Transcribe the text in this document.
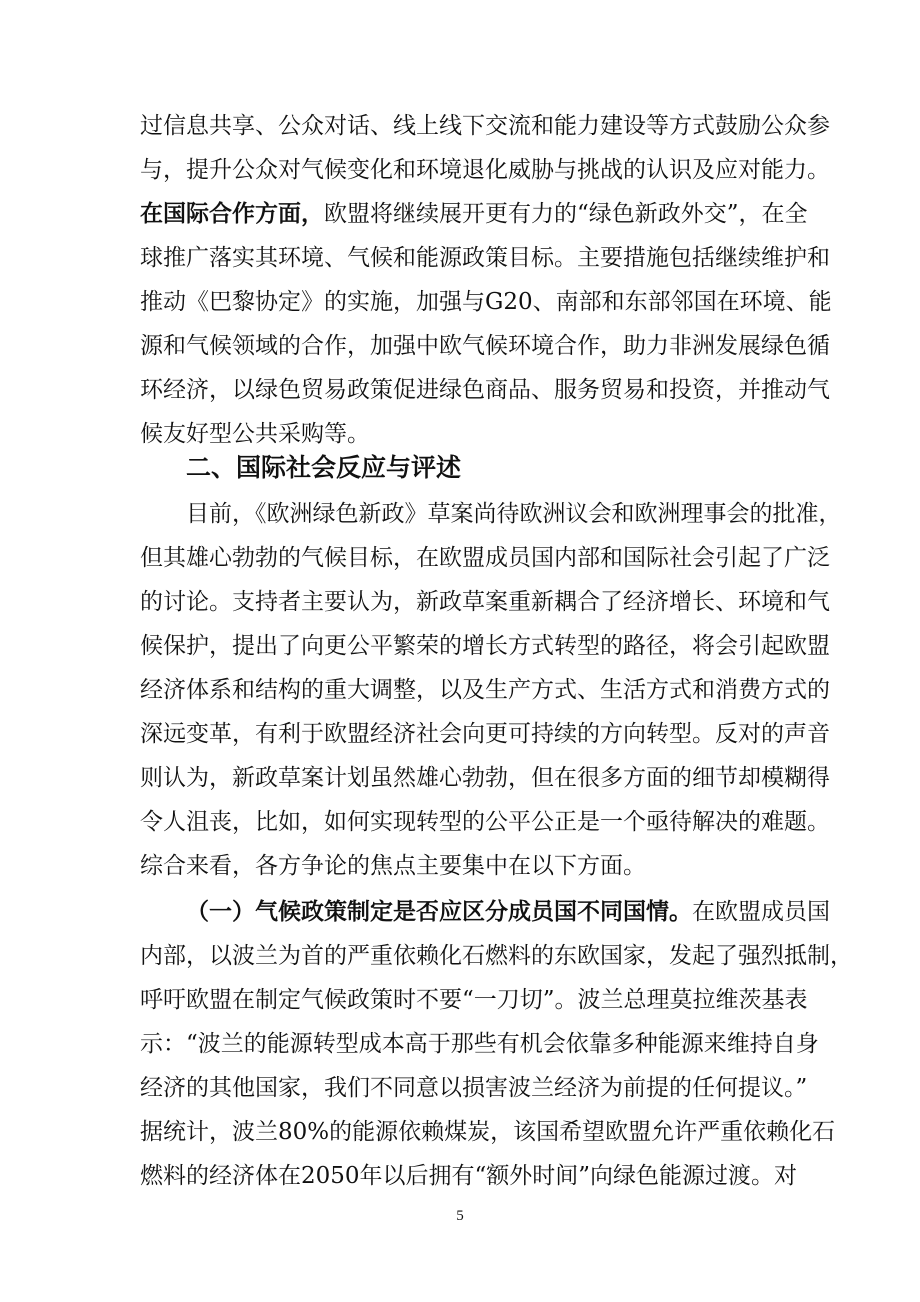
过信息共享、公众对话、线上线下交流和能力建设等方式鼓励公众参
与，提升公众对气候变化和环境退化威胁与挑战的认识及应对能力。
在国际合作方面，欧盟将继续展开更有力的“绿色新政外交”，在全
球推广落实其环境、气候和能源政策目标。主要措施包括继续维护和
推动《巴黎协定》的实施，加强与G20、南部和东部邻国在环境、能
源和气候领域的合作，加强中欧气候环境合作，助力非洲发展绿色循
环经济，以绿色贸易政策促进绿色商品、服务贸易和投资，并推动气
候友好型公共采购等。
二、国际社会反应与评述
目前，《欧洲绿色新政》草案尚待欧洲议会和欧洲理事会的批准，
但其雄心勃勃的气候目标，在欧盟成员国内部和国际社会引起了广泛
的讨论。支持者主要认为，新政草案重新耦合了经济增长、环境和气
候保护，提出了向更公平繁荣的增长方式转型的路径，将会引起欧盟
经济体系和结构的重大调整，以及生产方式、生活方式和消费方式的
深远变革，有利于欧盟经济社会向更可持续的方向转型。反对的声音
则认为，新政草案计划虽然雄心勃勃，但在很多方面的细节却模糊得
令人沮丧，比如，如何实现转型的公平公正是一个亟待解决的难题。
综合来看，各方争论的焦点主要集中在以下方面。
（一）气候政策制定是否应区分成员国不同国情。在欧盟成员国
内部，以波兰为首的严重依赖化石燃料的东欧国家，发起了强烈抵制，
呼吁欧盟在制定气候政策时不要“一刀切”。波兰总理莫拉维茨基表
示：“波兰的能源转型成本高于那些有机会依靠多种能源来维持自身
经济的其他国家，我们不同意以损害波兰经济为前提的任何提议。”
据统计，波兰80%的能源依赖煤炭，该国希望欧盟允许严重依赖化石
燃料的经济体在2050年以后拥有“额外时间”向绿色能源过渡。对
5
